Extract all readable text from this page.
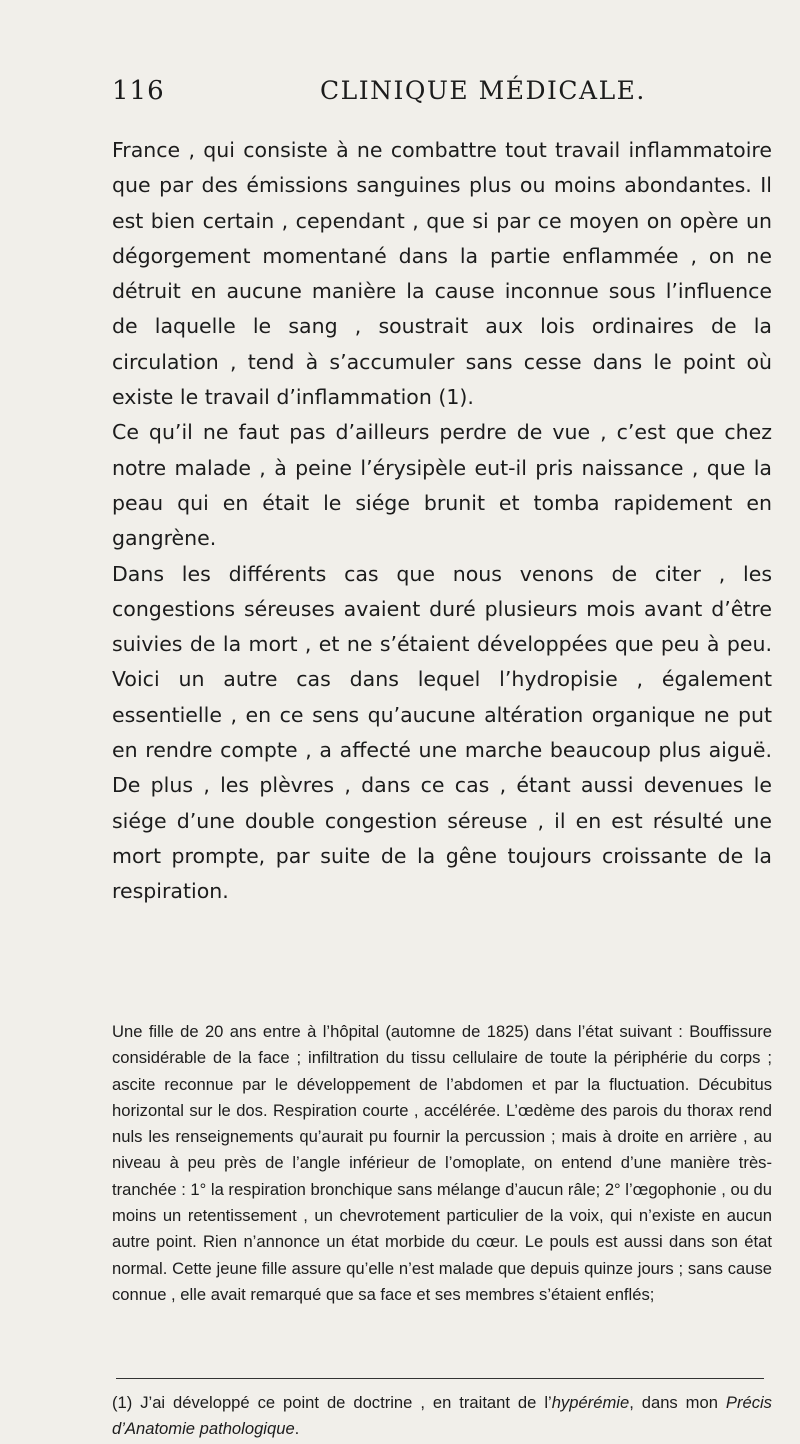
116	CLINIQUE MÉDICALE.

France , qui consiste à ne combattre tout travail inflammatoire que par des émissions sanguines plus ou moins abondantes. Il est bien certain , cependant , que si par ce moyen on opère un dégorgement momentané dans la partie enflammée , on ne détruit en aucune manière la cause inconnue sous l’influence de laquelle le sang , soustrait aux lois ordinaires de la circulation , tend à s’accumuler sans cesse dans le point où existe le travail d’inflammation (1).

Ce qu’il ne faut pas d’ailleurs perdre de vue , c’est que chez notre malade , à peine l’érysipèle eut-il pris naissance , que la peau qui en était le siége brunit et tomba rapidement en gangrène.

Dans les différents cas que nous venons de citer , les congestions séreuses avaient duré plusieurs mois avant d’être suivies de la mort , et ne s’étaient développées que peu à peu. Voici un autre cas dans lequel l’hydropisie , également essentielle , en ce sens qu’aucune altération organique ne put en rendre compte , a affecté une marche beaucoup plus aiguë. De plus , les plèvres , dans ce cas , étant aussi devenues le siége d’une double congestion séreuse , il en est résulté une mort prompte, par suite de la gêne toujours croissante de la respiration.

Une fille de 20 ans entre à l’hôpital (automne de 1825) dans l’état suivant : Bouffissure considérable de la face ; infiltration du tissu cellulaire de toute la périphérie du corps ; ascite reconnue par le développement de l’abdomen et par la fluctuation. Décubitus horizontal sur le dos. Respiration courte , accélérée. L’œdème des parois du thorax rend nuls les renseignements qu’aurait pu fournir la percussion ; mais à droite en arrière , au niveau à peu près de l’angle inférieur de l’omoplate, on entend d’une manière très-tranchée : 1° la respiration bronchique sans mélange d’aucun râle; 2° l’œgophonie , ou du moins un retentissement , un chevrotement particulier de la voix, qui n’existe en aucun autre point. Rien n’annonce un état morbide du cœur. Le pouls est aussi dans son état normal. Cette jeune fille assure qu’elle n’est malade que depuis quinze jours ; sans cause connue , elle avait remarqué que sa face et ses membres s’étaient enflés;

(1) J’ai développé ce point de doctrine , en traitant de l’hypérémie, dans mon Précis d’Anatomie pathologique.
